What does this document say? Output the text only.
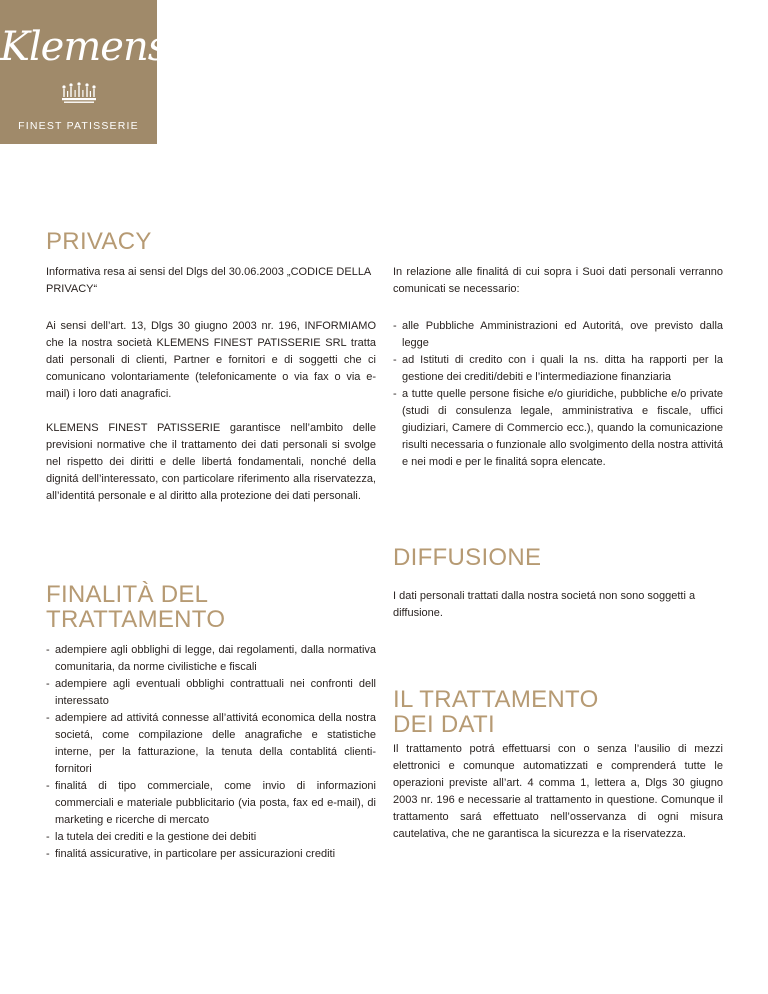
Klemens
FINEST PATISSERIE
PRIVACY

Informativa resa ai sensi del Dlgs del 30.06.2003 „CODICE DELLA PRIVACY“

Ai sensi dell’art. 13, Dlgs 30 giugno 2003 nr. 196, INFORMIAMO che la nostra società KLEMENS FINEST PATISSERIE SRL tratta dati personali di clienti, Partner e fornitori e di soggetti che ci comunicano volontariamente (telefonicamente o via fax o via e-mail) i loro dati anagrafici.

KLEMENS FINEST PATISSERIE garantisce nell’ambito delle previsioni normative che il trattamento dei dati personali si svolge nel rispetto dei diritti e delle libertá fondamentali, nonché della dignitá dell’interessato, con particolare riferimento alla riservatezza, all’identitá personale e al diritto alla protezione dei dati personali.

FINALITÀ DEL
TRATTAMENTO
- adempiere agli obblighi di legge, dai regolamenti, dalla normativa comunitaria, da norme civilistiche e fiscali
- adempiere agli eventuali obblighi contrattuali nei confronti dell interessato
- adempiere ad attivitá connesse all’attivitá economica della nostra societá, come compilazione delle anagrafiche e statistiche interne, per la fatturazione, la tenuta della contablitá clienti-fornitori
- finalitá di tipo commerciale, come invio di informazioni commerciali e materiale pubblicitario (via posta, fax ed e-mail), di marketing e ricerche di mercato
- la tutela dei crediti e la gestione dei debiti
- finalitá assicurative, in particolare per assicurazioni crediti

In relazione alle finalitá di cui sopra i Suoi dati personali verranno comunicati se necessario:

- alle Pubbliche Amministrazioni ed Autoritá, ove previsto dalla legge
- ad Istituti di credito con i quali la ns. ditta ha rapporti per la gestione dei crediti/debiti e l’intermediazione finanziaria
- a tutte quelle persone fisiche e/o giuridiche, pubbliche e/o private (studi di consulenza legale, amministrativa e fiscale, uffici giudiziari, Camere di Commercio ecc.), quando la comunicazione risulti necessaria o funzionale allo svolgimento della nostra attivitá e nei modi e per le finalitá sopra elencate.
DIFFUSIONE

I dati personali trattati dalla nostra societá non sono soggetti a diffusione.

IL TRATTAMENTO
DEI DATI

Il trattamento potrá effettuarsi con o senza l’ausilio di mezzi elettronici e comunque automatizzati e comprenderá tutte le operazioni previste all’art. 4 comma 1, lettera a, Dlgs 30 giugno 2003 nr. 196 e necessarie al trattamento in questione. Comunque il trattamento sará effettuato nell’osservanza di ogni misura cautelativa, che ne garantisca la sicurezza e la riservatezza.
